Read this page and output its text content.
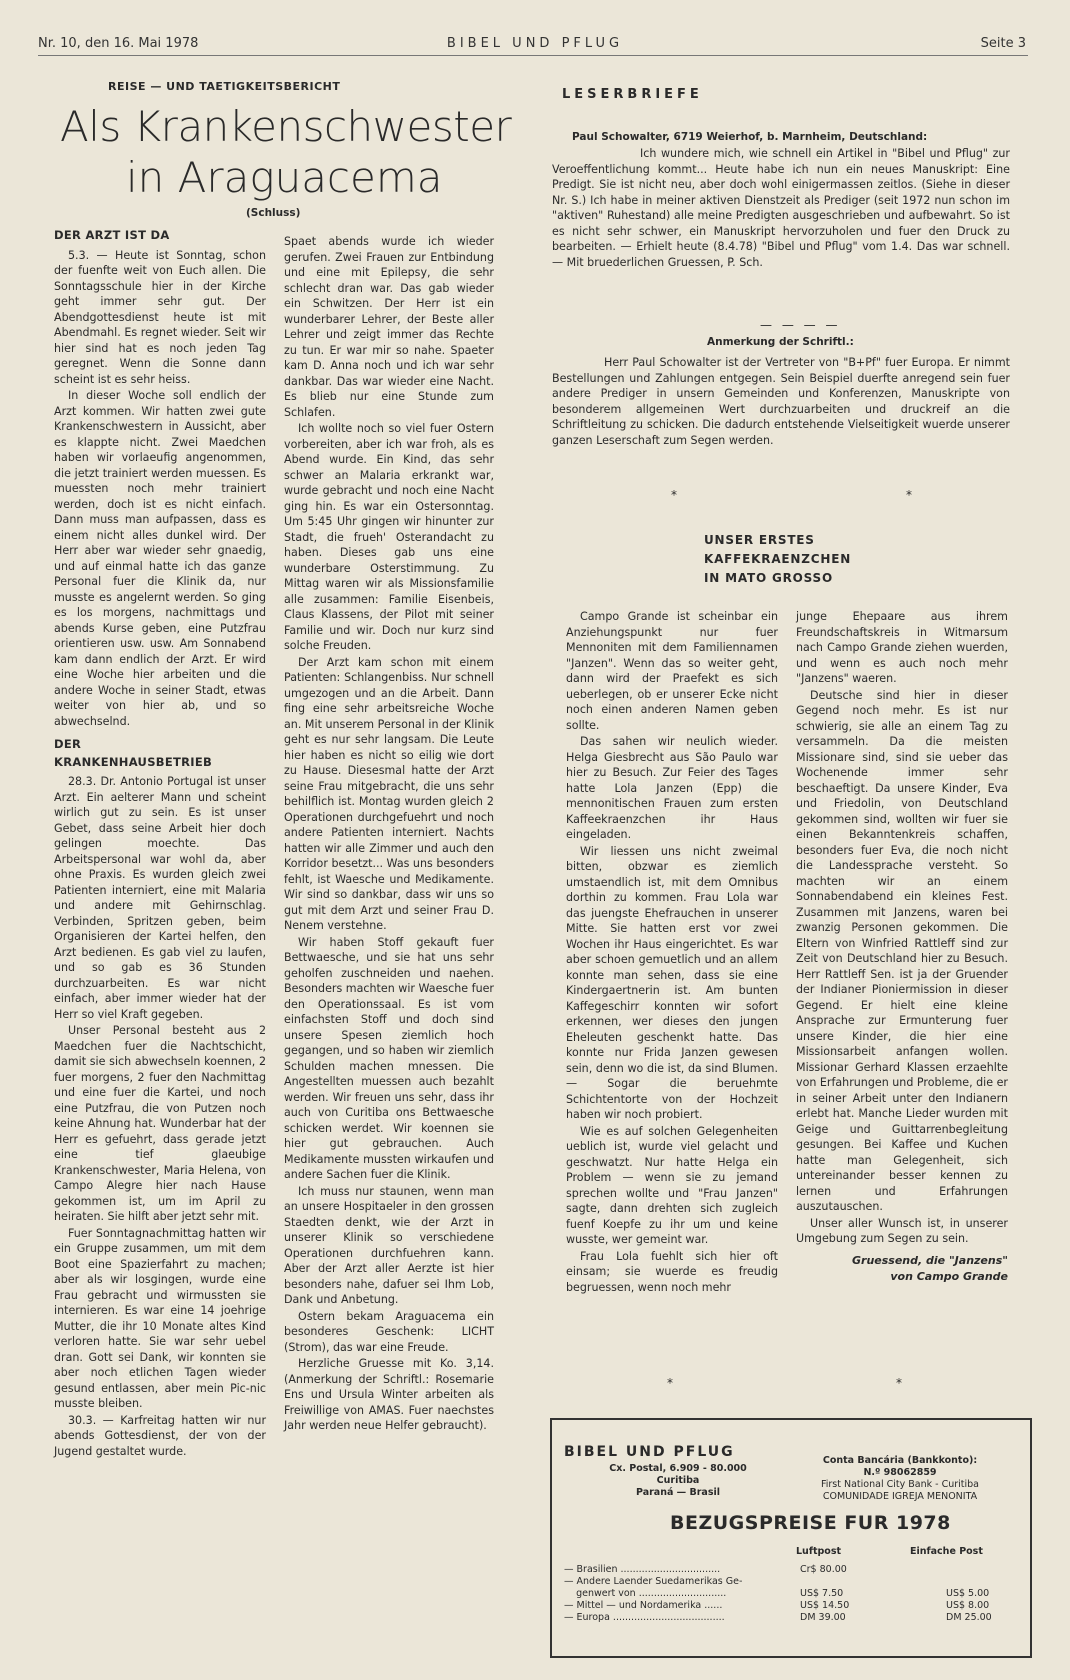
Nr. 10, den 16. Mai 1978	BIBEL UND PFLUG	Seite 3
REISE — UND TAETIGKEITSBERICHT
Als Krankenschwester
in Araguacema
(Schluss)
DER ARZT IST DA

5.3. — Heute ist Sonntag, schon der fuenfte weit von Euch allen. Die Sonntagsschule hier in der Kirche geht immer sehr gut. Der Abendgottesdienst heute ist mit Abendmahl. Es regnet wieder. Seit wir hier sind hat es noch jeden Tag geregnet. Wenn die Sonne dann scheint ist es sehr heiss.

In dieser Woche soll endlich der Arzt kommen. Wir hatten zwei gute Krankenschwestern in Aussicht, aber es klappte nicht. Zwei Maedchen haben wir vorlaeufig angenommen, die jetzt trainiert werden muessen. Es muessten noch mehr trainiert werden, doch ist es nicht einfach. Dann muss man aufpassen, dass es einem nicht alles dunkel wird. Der Herr aber war wieder sehr gnaedig, und auf einmal hatte ich das ganze Personal fuer die Klinik da, nur musste es angelernt werden. So ging es los morgens, nachmittags und abends Kurse geben, eine Putzfrau orientieren usw. usw. Am Sonnabend kam dann endlich der Arzt. Er wird eine Woche hier arbeiten und die andere Woche in seiner Stadt, etwas weiter von hier ab, und so abwechselnd.

DER
KRANKENHAUSBETRIEB

28.3. Dr. Antonio Portugal ist unser Arzt. Ein aelterer Mann und scheint wirlich gut zu sein. Es ist unser Gebet, dass seine Arbeit hier doch gelingen moechte. Das Arbeitspersonal war wohl da, aber ohne Praxis. Es wurden gleich zwei Patienten interniert, eine mit Malaria und andere mit Gehirnschlag. Verbinden, Spritzen geben, beim Organisieren der Kartei helfen, den Arzt bedienen. Es gab viel zu laufen, und so gab es 36 Stunden durchzuarbeiten. Es war nicht einfach, aber immer wieder hat der Herr so viel Kraft gegeben.

Unser Personal besteht aus 2 Maedchen fuer die Nachtschicht, damit sie sich abwechseln koennen, 2 fuer morgens, 2 fuer den Nachmittag und eine fuer die Kartei, und noch eine Putzfrau, die von Putzen noch keine Ahnung hat. Wunderbar hat der Herr es gefuehrt, dass gerade jetzt eine tief glaeubige Krankenschwester, Maria Helena, von Campo Alegre hier nach Hause gekommen ist, um im April zu heiraten. Sie hilft aber jetzt sehr mit.

Fuer Sonntagnachmittag hatten wir ein Gruppe zusammen, um mit dem Boot eine Spazierfahrt zu machen; aber als wir losgingen, wurde eine Frau gebracht und wirmussten sie internieren. Es war eine 14 joehrige Mutter, die ihr 10 Monate altes Kind verloren hatte. Sie war sehr uebel dran. Gott sei Dank, wir konnten sie aber noch etlichen Tagen wieder gesund entlassen, aber mein Pic-nic musste bleiben.

30.3. — Karfreitag hatten wir nur abends Gottesdienst, der von der Jugend gestaltet wurde.

Spaet abends wurde ich wieder gerufen. Zwei Frauen zur Entbindung und eine mit Epilepsy, die sehr schlecht dran war. Das gab wieder ein Schwitzen. Der Herr ist ein wunderbarer Lehrer, der Beste aller Lehrer und zeigt immer das Rechte zu tun. Er war mir so nahe. Spaeter kam D. Anna noch und ich war sehr dankbar. Das war wieder eine Nacht. Es blieb nur eine Stunde zum Schlafen.

Ich wollte noch so viel fuer Ostern vorbereiten, aber ich war froh, als es Abend wurde. Ein Kind, das sehr schwer an Malaria erkrankt war, wurde gebracht und noch eine Nacht ging hin. Es war ein Ostersonntag. Um 5:45 Uhr gingen wir hinunter zur Stadt, die frueh' Osterandacht zu haben. Dieses gab uns eine wunderbare Osterstimmung. Zu Mittag waren wir als Missionsfamilie alle zusammen: Familie Eisenbeis, Claus Klassens, der Pilot mit seiner Familie und wir. Doch nur kurz sind solche Freuden.

Der Arzt kam schon mit einem Patienten: Schlangenbiss. Nur schnell umgezogen und an die Arbeit. Dann fing eine sehr arbeitsreiche Woche an. Mit unserem Personal in der Klinik geht es nur sehr langsam. Die Leute hier haben es nicht so eilig wie dort zu Hause. Diesesmal hatte der Arzt seine Frau mitgebracht, die uns sehr behilflich ist. Montag wurden gleich 2 Operationen durchgefuehrt und noch andere Patienten interniert. Nachts hatten wir alle Zimmer und auch den Korridor besetzt... Was uns besonders fehlt, ist Waesche und Medikamente. Wir sind so dankbar, dass wir uns so gut mit dem Arzt und seiner Frau D. Nenem verstehne.

Wir haben Stoff gekauft fuer Bettwaesche, und sie hat uns sehr geholfen zuschneiden und naehen. Besonders machten wir Waesche fuer den Operationssaal. Es ist vom einfachsten Stoff und doch sind unsere Spesen ziemlich hoch gegangen, und so haben wir ziemlich Schulden machen mnessen. Die Angestellten muessen auch bezahlt werden. Wir freuen uns sehr, dass ihr auch von Curitiba ons Bettwaesche schicken werdet. Wir koennen sie hier gut gebrauchen. Auch Medikamente mussten wirkaufen und andere Sachen fuer die Klinik.

Ich muss nur staunen, wenn man an unsere Hospitaeler in den grossen Staedten denkt, wie der Arzt in unserer Klinik so verschiedene Operationen durchfuehren kann. Aber der Arzt aller Aerzte ist hier besonders nahe, dafuer sei Ihm Lob, Dank und Anbetung.

Ostern bekam Araguacema ein besonderes Geschenk: LICHT (Strom), das war eine Freude.

Herzliche Gruesse mit Ko. 3,14. (Anmerkung der Schriftl.: Rosemarie Ens und Ursula Winter arbeiten als Freiwillige von AMAS. Fuer naechstes Jahr werden neue Helfer gebraucht).

LESERBRIEFE
Paul Schowalter, 6719 Weierhof, b. Marnheim, Deutschland:

Ich wundere mich, wie schnell ein Artikel in "Bibel und Pflug" zur Veroeffentlichung kommt... Heute habe ich nun ein neues Manuskript: Eine Predigt. Sie ist nicht neu, aber doch wohl einigermassen zeitlos. (Siehe in dieser Nr. S.) Ich habe in meiner aktiven Dienstzeit als Prediger (seit 1972 nun schon im "aktiven" Ruhestand) alle meine Predigten ausgeschrieben und aufbewahrt. So ist es nicht sehr schwer, ein Manuskript hervorzuholen und fuer den Druck zu bearbeiten. — Erhielt heute (8.4.78) "Bibel und Pflug" vom 1.4. Das war schnell. — Mit bruederlichen Gruessen, P. Sch.

— — — —
Anmerkung der Schriftl.:

Herr Paul Schowalter ist der Vertreter von "B+Pf" fuer Europa. Er nimmt Bestellungen und Zahlungen entgegen. Sein Beispiel duerfte anregend sein fuer andere Prediger in unsern Gemeinden und Konferenzen, Manuskripte von besonderem allgemeinen Wert durchzuarbeiten und druckreif an die Schriftleitung zu schicken. Die dadurch entstehende Vielseitigkeit wuerde unserer ganzen Leserschaft zum Segen werden.

*	*
UNSER ERSTES
KAFFEKRAENZCHEN
IN MATO GROSSO

Campo Grande ist scheinbar ein Anziehungspunkt nur fuer Mennoniten mit dem Familiennamen "Janzen". Wenn das so weiter geht, dann wird der Praefekt es sich ueberlegen, ob er unserer Ecke nicht noch einen anderen Namen geben sollte.

Das sahen wir neulich wieder. Helga Giesbrecht aus São Paulo war hier zu Besuch. Zur Feier des Tages hatte Lola Janzen (Epp) die mennonitischen Frauen zum ersten Kaffeekraenzchen ihr Haus eingeladen.

Wir liessen uns nicht zweimal bitten, obzwar es ziemlich umstaendlich ist, mit dem Omnibus dorthin zu kommen. Frau Lola war das juengste Ehefrauchen in unserer Mitte. Sie hatten erst vor zwei Wochen ihr Haus eingerichtet. Es war aber schoen gemuetlich und an allem konnte man sehen, dass sie eine Kindergaertnerin ist. Am bunten Kaffegeschirr konnten wir sofort erkennen, wer dieses den jungen Eheleuten geschenkt hatte. Das konnte nur Frida Janzen gewesen sein, denn wo die ist, da sind Blumen. — Sogar die beruehmte Schichtentorte von der Hochzeit haben wir noch probiert.

Wie es auf solchen Gelegenheiten ueblich ist, wurde viel gelacht und geschwatzt. Nur hatte Helga ein Problem — wenn sie zu jemand sprechen wollte und "Frau Janzen" sagte, dann drehten sich zugleich fuenf Koepfe zu ihr um und keine wusste, wer gemeint war.

Frau Lola fuehlt sich hier oft einsam; sie wuerde es freudig begruessen, wenn noch mehr

junge Ehepaare aus ihrem Freundschaftskreis in Witmarsum nach Campo Grande ziehen wuerden, und wenn es auch noch mehr "Janzens" waeren.

Deutsche sind hier in dieser Gegend noch mehr. Es ist nur schwierig, sie alle an einem Tag zu versammeln. Da die meisten Missionare sind, sind sie ueber das Wochenende immer sehr beschaeftigt. Da unsere Kinder, Eva und Friedolin, von Deutschland gekommen sind, wollten wir fuer sie einen Bekanntenkreis schaffen, besonders fuer Eva, die noch nicht die Landessprache versteht. So machten wir an einem Sonnabendabend ein kleines Fest. Zusammen mit Janzens, waren bei zwanzig Personen gekommen. Die Eltern von Winfried Rattleff sind zur Zeit von Deutschland hier zu Besuch. Herr Rattleff Sen. ist ja der Gruender der Indianer Pioniermission in dieser Gegend. Er hielt eine kleine Ansprache zur Ermunterung fuer unsere Kinder, die hier eine Missionsarbeit anfangen wollen. Missionar Gerhard Klassen erzaehlte von Erfahrungen und Probleme, die er in seiner Arbeit unter den Indianern erlebt hat. Manche Lieder wurden mit Geige und Guittarrenbegleitung gesungen. Bei Kaffee und Kuchen hatte man Gelegenheit, sich untereinander besser kennen zu lernen und Erfahrungen auszutauschen.

Unser aller Wunsch ist, in unserer Umgebung zum Segen zu sein.

Gruessend, die "Janzens"
von Campo Grande
*	*
BIBEL UND PFLUG
Cx. Postal, 6.909 - 80.000 Curitiba
Paraná — Brasil
Conta Bancária (Bankkonto):
N.º 98062859
First National City Bank - Curitiba
COMUNIDADE IGREJA MENONITA
BEZUGSPREISE FUR 1978
Luftpost	Einfache Post
— Brasilien .................................	Cr$ 80.00
— Andere Laender Suedamerikas Ge-
genwert von .............................	US$ 7.50	US$ 5.00
— Mittel — und Nordamerika ......	US$ 14.50	US$ 8.00
— Europa .....................................	DM 39.00	DM 25.00
